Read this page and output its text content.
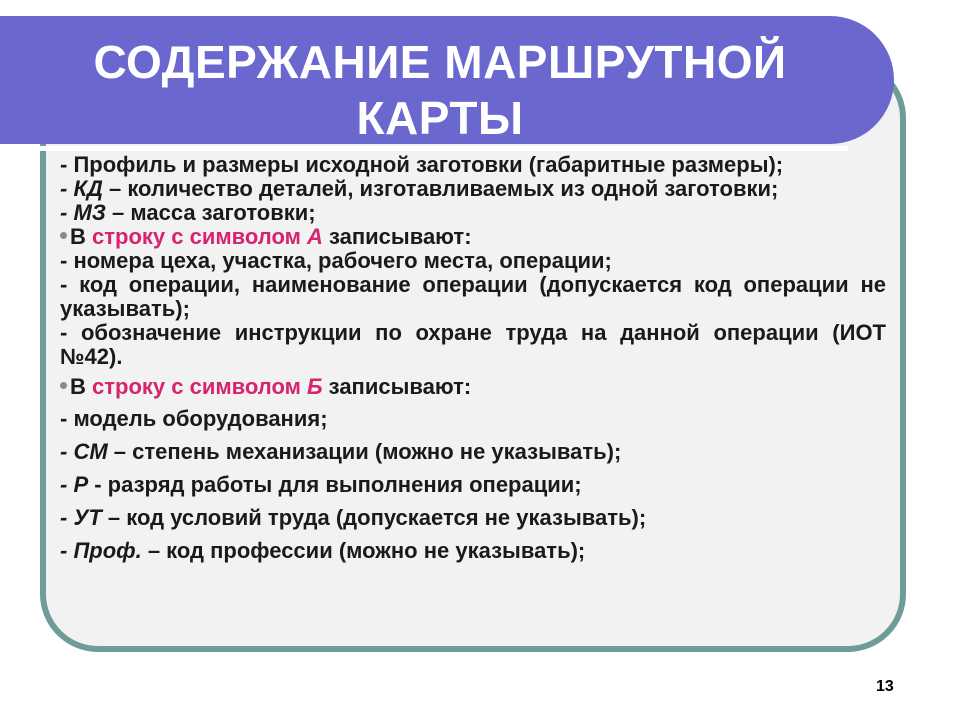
СОДЕРЖАНИЕ МАРШРУТНОЙ
КАРТЫ

- Профиль и размеры исходной заготовки (габаритные размеры);

- КД – количество деталей, изготавливаемых из одной заготовки;

- МЗ – масса заготовки;

В строку с символом А записывают:

- номера цеха, участка, рабочего места, операции;

- код операции, наименование операции (допускается код операции не указывать);

- обозначение инструкции по охране труда на данной операции (ИОТ №42).

В строку с символом Б записывают:

- модель оборудования;

- СМ – степень механизации (можно не указывать);

- Р - разряд работы для выполнения операции;

- УТ – код условий труда (допускается не указывать);

- Проф. – код профессии (можно не указывать);

13
